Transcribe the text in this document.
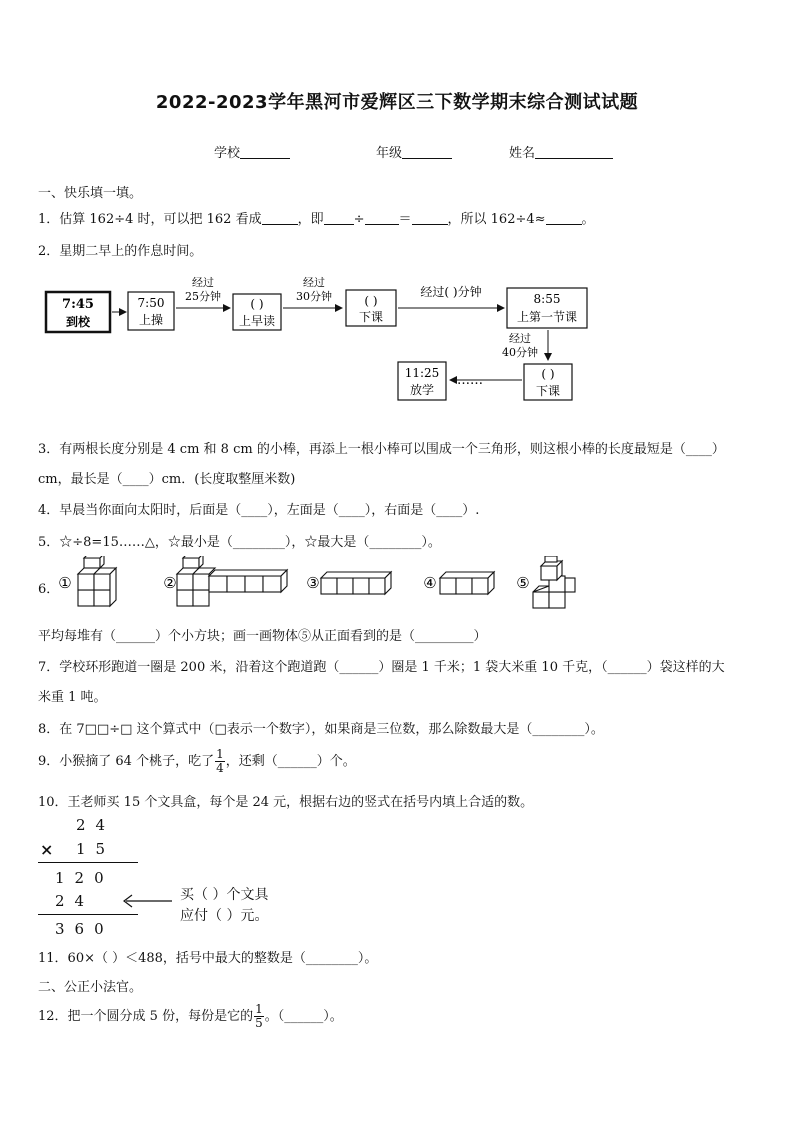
2022-2023学年黑河市爱辉区三下数学期末综合测试试题
学校	年级	姓名
一、快乐填一填。
1．估算 162÷4 时，可以把 162 看成	，即 ÷	＝	，所以 162÷4≈	。
2．星期二早上的作息时间。
7:45
到校
7:50
上操
经过
25分钟
( )
上早读
经过
30分钟	( )
下课
经过( )分钟	8:55
上第一节课
经过
40分钟
( )
下课
……
11:25
放学
3．有两根长度分别是 4 cm 和 8 cm 的小棒，再添上一根小棒可以围成一个三角形，则这根小棒的长度最短是（____）
cm，最长是（____）cm．(长度取整厘米数)
4．早晨当你面向太阳时，后面是（____），左面是（____），右面是（____）.
5．☆÷8=15……△，☆最小是（________），☆最大是（________）。
6．
①	②	③	④	⑤
平均每堆有（______）个小方块；画一画物体⑤从正面看到的是（_________）
7．学校环形跑道一圈是 200 米，沿着这个跑道跑（______）圈是 1 千米；1 袋大米重 10 千克，（______）袋这样的大
米重 1 吨。
8．在 7□□÷□ 这个算式中（□表示一个数字），如果商是三位数，那么除数最大是（________）。
9．小猴摘了 64 个桃子，吃了 $\frac{1}{4}$ ，还剩（______）个。
10．王老师买 15 个文具盒，每个是 24 元，根据右边的竖式在括号内填上合适的数。
24
× 15
120
24
360
买（ ）个文具
应付（ ）元。
11．60×（ ）＜488，括号中最大的整数是（________）。
二、公正小法官。
12．把一个圆分成 5 份，每份是它的 $\frac{1}{5}$ 。（______）。
